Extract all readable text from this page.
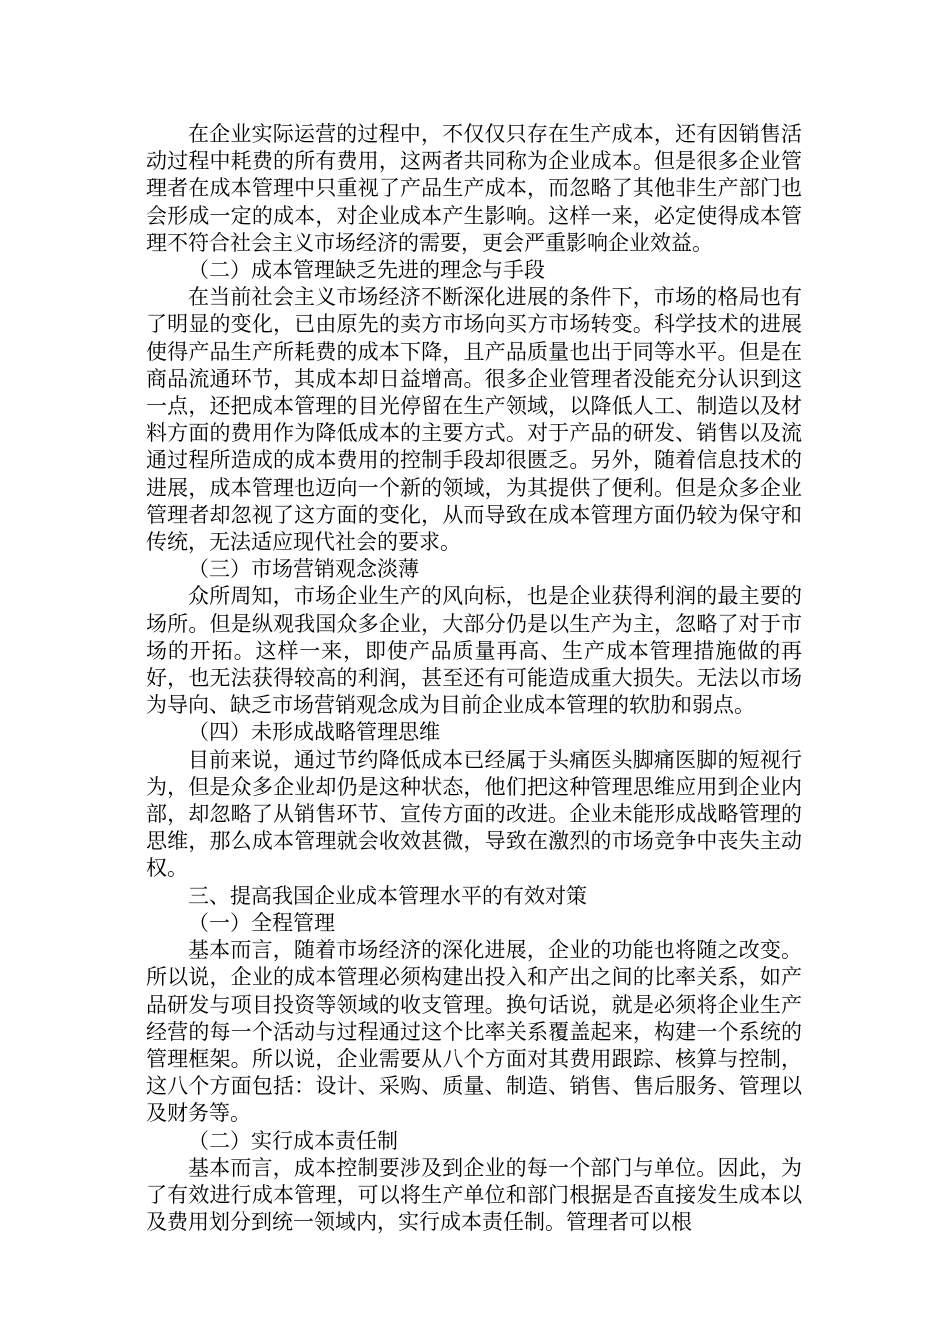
在企业实际运营的过程中，不仅仅只存在生产成本，还有因销售活动过程中耗费的所有费用，这两者共同称为企业成本。但是很多企业管理者在成本管理中只重视了产品生产成本，而忽略了其他非生产部门也会形成一定的成本，对企业成本产生影响。这样一来，必定使得成本管理不符合社会主义市场经济的需要，更会严重影响企业效益。

（二）成本管理缺乏先进的理念与手段

在当前社会主义市场经济不断深化进展的条件下，市场的格局也有了明显的变化，已由原先的卖方市场向买方市场转变。科学技术的进展使得产品生产所耗费的成本下降，且产品质量也出于同等水平。但是在商品流通环节，其成本却日益增高。很多企业管理者没能充分认识到这一点，还把成本管理的目光停留在生产领域，以降低人工、制造以及材料方面的费用作为降低成本的主要方式。对于产品的研发、销售以及流通过程所造成的成本费用的控制手段却很匮乏。另外，随着信息技术的进展，成本管理也迈向一个新的领域，为其提供了便利。但是众多企业管理者却忽视了这方面的变化，从而导致在成本管理方面仍较为保守和传统，无法适应现代社会的要求。

（三）市场营销观念淡薄

众所周知，市场企业生产的风向标，也是企业获得利润的最主要的场所。但是纵观我国众多企业，大部分仍是以生产为主，忽略了对于市场的开拓。这样一来，即使产品质量再高、生产成本管理措施做的再好，也无法获得较高的利润，甚至还有可能造成重大损失。无法以市场为导向、缺乏市场营销观念成为目前企业成本管理的软肋和弱点。

（四）未形成战略管理思维

目前来说，通过节约降低成本已经属于头痛医头脚痛医脚的短视行为，但是众多企业却仍是这种状态，他们把这种管理思维应用到企业内部，却忽略了从销售环节、宣传方面的改进。企业未能形成战略管理的思维，那么成本管理就会收效甚微，导致在激烈的市场竞争中丧失主动权。

三、提高我国企业成本管理水平的有效对策

（一）全程管理

基本而言，随着市场经济的深化进展，企业的功能也将随之改变。所以说，企业的成本管理必须构建出投入和产出之间的比率关系，如产品研发与项目投资等领域的收支管理。换句话说，就是必须将企业生产经营的每一个活动与过程通过这个比率关系覆盖起来，构建一个系统的管理框架。所以说，企业需要从八个方面对其费用跟踪、核算与控制，这八个方面包括：设计、采购、质量、制造、销售、售后服务、管理以及财务等。

（二）实行成本责任制

基本而言，成本控制要涉及到企业的每一个部门与单位。因此，为了有效进行成本管理，可以将生产单位和部门根据是否直接发生成本以及费用划分到统一领域内，实行成本责任制。管理者可以根
